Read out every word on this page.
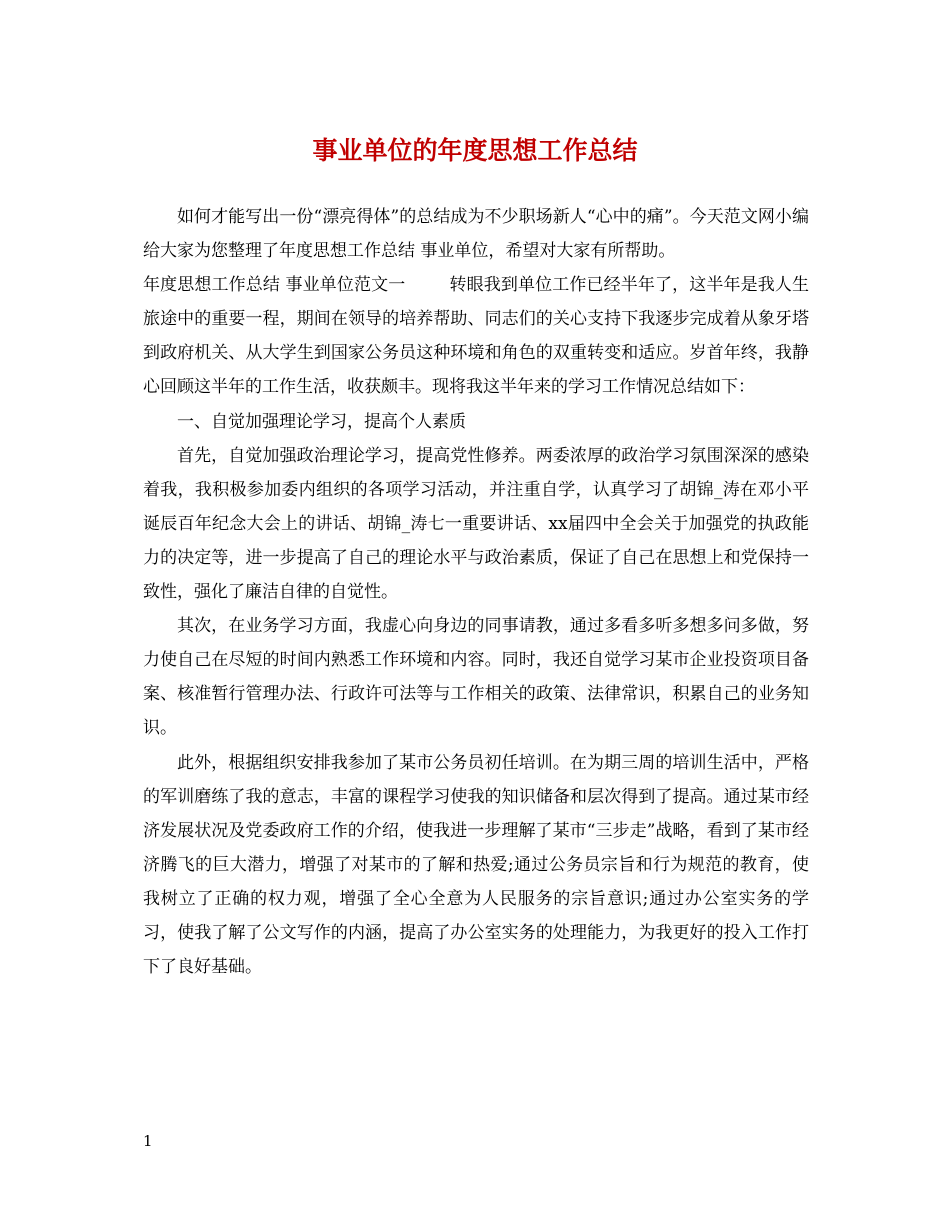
事业单位的年度思想工作总结

如何才能写出一份“漂亮得体”的总结成为不少职场新人“心中的痛”。今天范文网小编给大家为您整理了年度思想工作总结 事业单位，希望对大家有所帮助。

年度思想工作总结 事业单位范文一	转眼我到单位工作已经半年了，这半年是我人生旅途中的重要一程，期间在领导的培养帮助、同志们的关心支持下我逐步完成着从象牙塔到政府机关、从大学生到国家公务员这种环境和角色的双重转变和适应。岁首年终，我静心回顾这半年的工作生活，收获颇丰。现将我这半年来的学习工作情况总结如下：

一、自觉加强理论学习，提高个人素质

首先，自觉加强政治理论学习，提高党性修养。两委浓厚的政治学习氛围深深的感染着我，我积极参加委内组织的各项学习活动，并注重自学，认真学习了胡锦_涛在邓小平诞辰百年纪念大会上的讲话、胡锦_涛七一重要讲话、xx届四中全会关于加强党的执政能力的决定等，进一步提高了自己的理论水平与政治素质，保证了自己在思想上和党保持一致性，强化了廉洁自律的自觉性。

其次，在业务学习方面，我虚心向身边的同事请教，通过多看多听多想多问多做，努力使自己在尽短的时间内熟悉工作环境和内容。同时，我还自觉学习某市企业投资项目备案、核准暂行管理办法、行政许可法等与工作相关的政策、法律常识，积累自己的业务知识。

此外，根据组织安排我参加了某市公务员初任培训。在为期三周的培训生活中，严格的军训磨练了我的意志，丰富的课程学习使我的知识储备和层次得到了提高。通过某市经济发展状况及党委政府工作的介绍，使我进一步理解了某市“三步走”战略，看到了某市经济腾飞的巨大潜力，增强了对某市的了解和热爱;通过公务员宗旨和行为规范的教育，使我树立了正确的权力观，增强了全心全意为人民服务的宗旨意识;通过办公室实务的学习，使我了解了公文写作的内涵，提高了办公室实务的处理能力，为我更好的投入工作打下了良好基础。

1
